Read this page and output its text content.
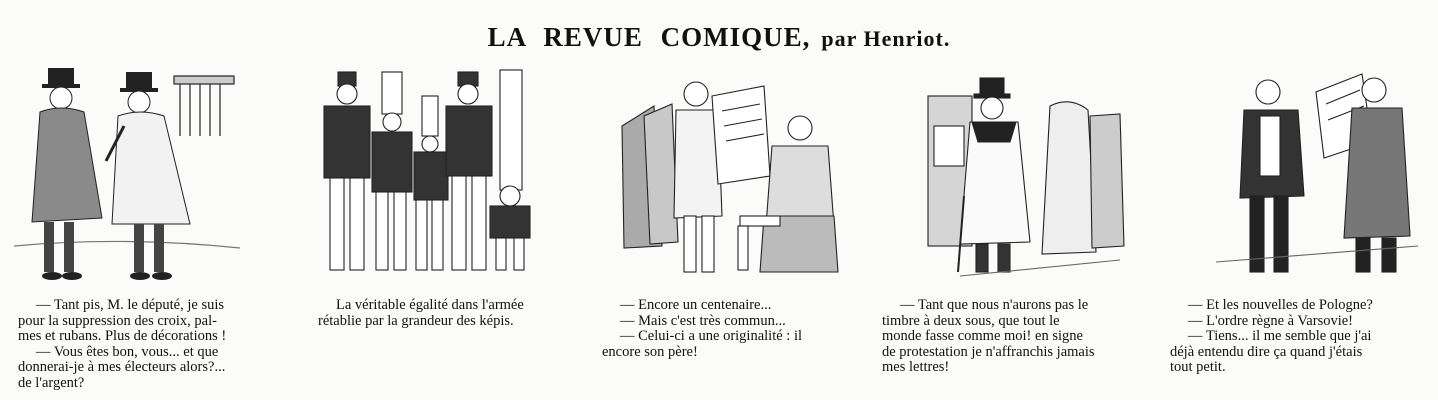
LA REVUE COMIQUE, par Henriot.

— Tant pis, M. le député, je suis

pour la suppression des croix, pal-

mes et rubans. Plus de décorations !

— Vous êtes bon, vous... et que

donnerai-je à mes électeurs alors?...

de l'argent?

La véritable égalité dans l'armée

rétablie par la grandeur des képis.

— Encore un centenaire...

— Mais c'est très commun...

— Celui-ci a une originalité : il

encore son père!

— Tant que nous n'aurons pas le

timbre à deux sous, que tout le

monde fasse comme moi! en signe

de protestation je n'affranchis jamais

mes lettres!

— Et les nouvelles de Pologne?

— L'ordre règne à Varsovie!

— Tiens... il me semble que j'ai

déjà entendu dire ça quand j'étais

tout petit.
